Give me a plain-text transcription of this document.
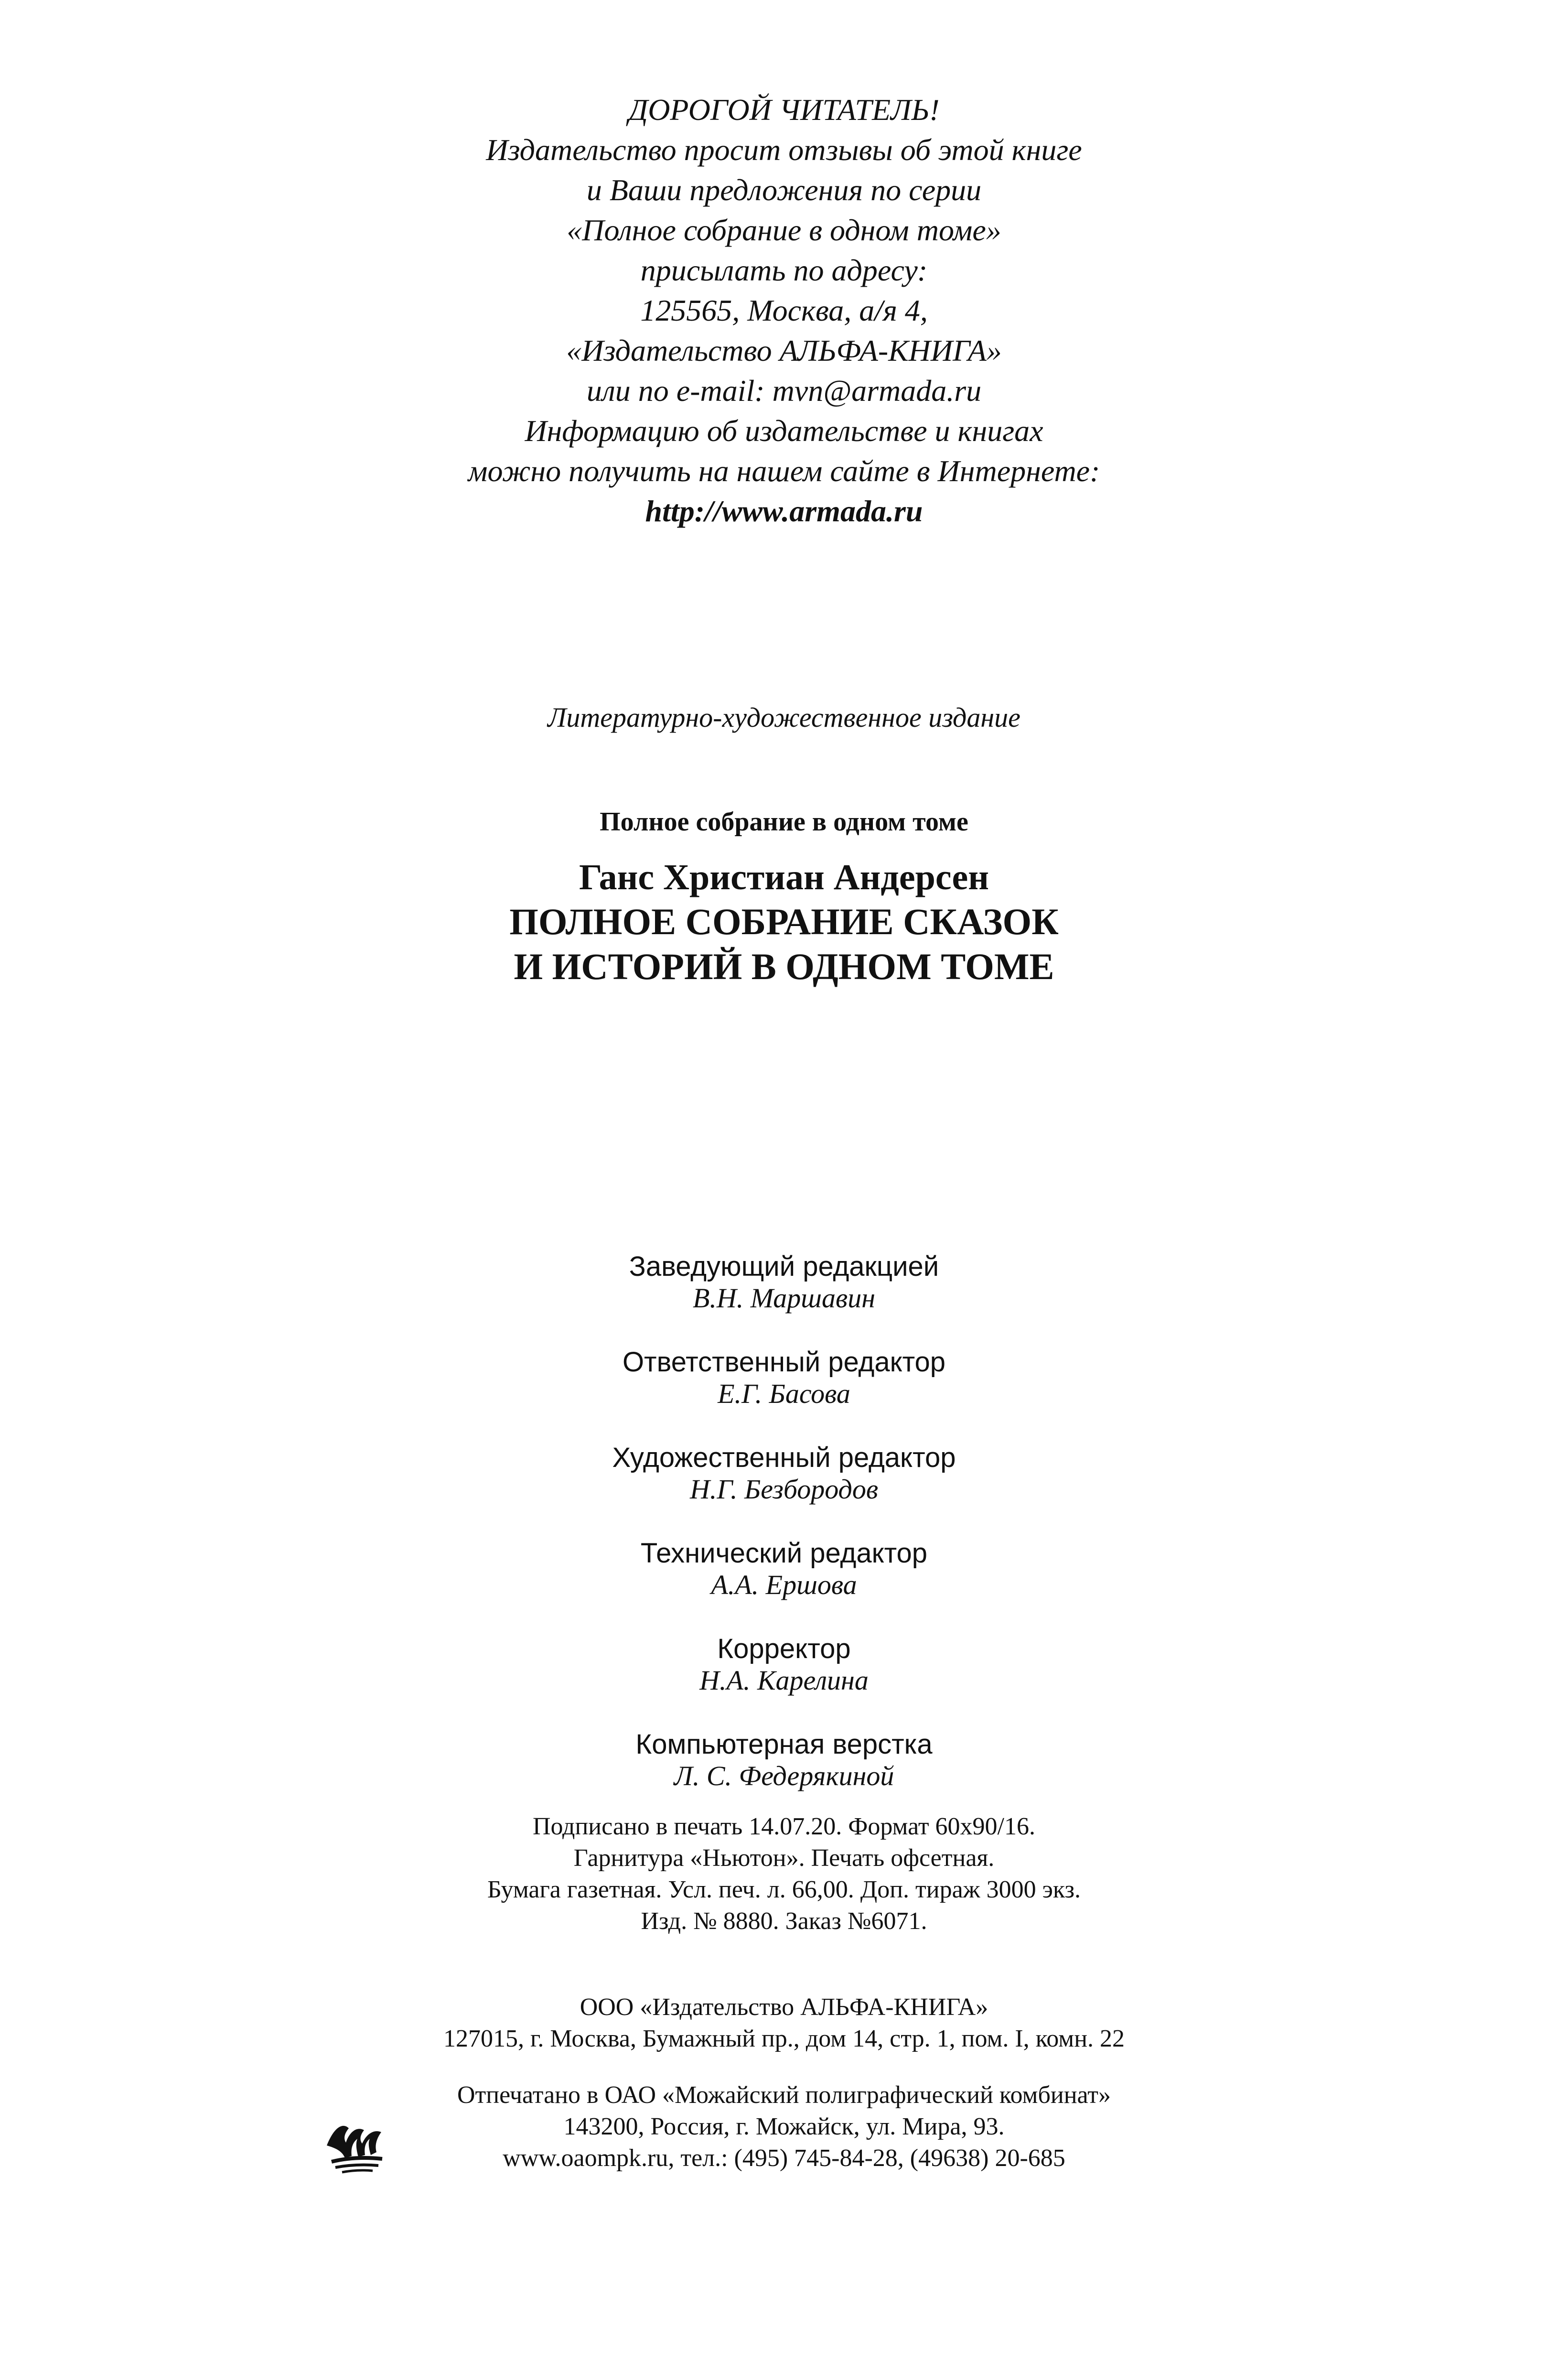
ДОРОГОЙ ЧИТАТЕЛЬ!
Издательство просит отзывы об этой книге
и Ваши предложения по серии
«Полное собрание в одном томе»
присылать по адресу:
125565, Москва, а/я 4,
«Издательство АЛЬФА-КНИГА»
или по e-mail: mvn@armada.ru
Информацию об издательстве и книгах
можно получить на нашем сайте в Интернете:
http://www.armada.ru
Литературно-художественное издание
Полное собрание в одном томе
Ганс Христиан Андерсен
ПОЛНОЕ СОБРАНИЕ СКАЗОК
И ИСТОРИЙ В ОДНОМ ТОМЕ
Заведующий редакцией
В.Н. Маршавин
Ответственный редактор
Е.Г. Басова
Художественный редактор
Н.Г. Безбородов
Технический редактор
А.А. Ершова
Корректор
Н.А. Карелина
Компьютерная верстка
Л. С. Федерякиной
Подписано в печать 14.07.20. Формат 60x90/16.
Гарнитура «Ньютон». Печать офсетная.
Бумага газетная. Усл. печ. л. 66,00. Доп. тираж 3000 экз.
Изд. № 8880. Заказ №6071.
ООО «Издательство АЛЬФА-КНИГА»
127015, г. Москва, Бумажный пр., дом 14, стр. 1, пом. I, комн. 22
Отпечатано в ОАО «Можайский полиграфический комбинат»
143200, Россия, г. Можайск, ул. Мира, 93.
www.oaompk.ru, тел.: (495) 745-84-28, (49638) 20-685
